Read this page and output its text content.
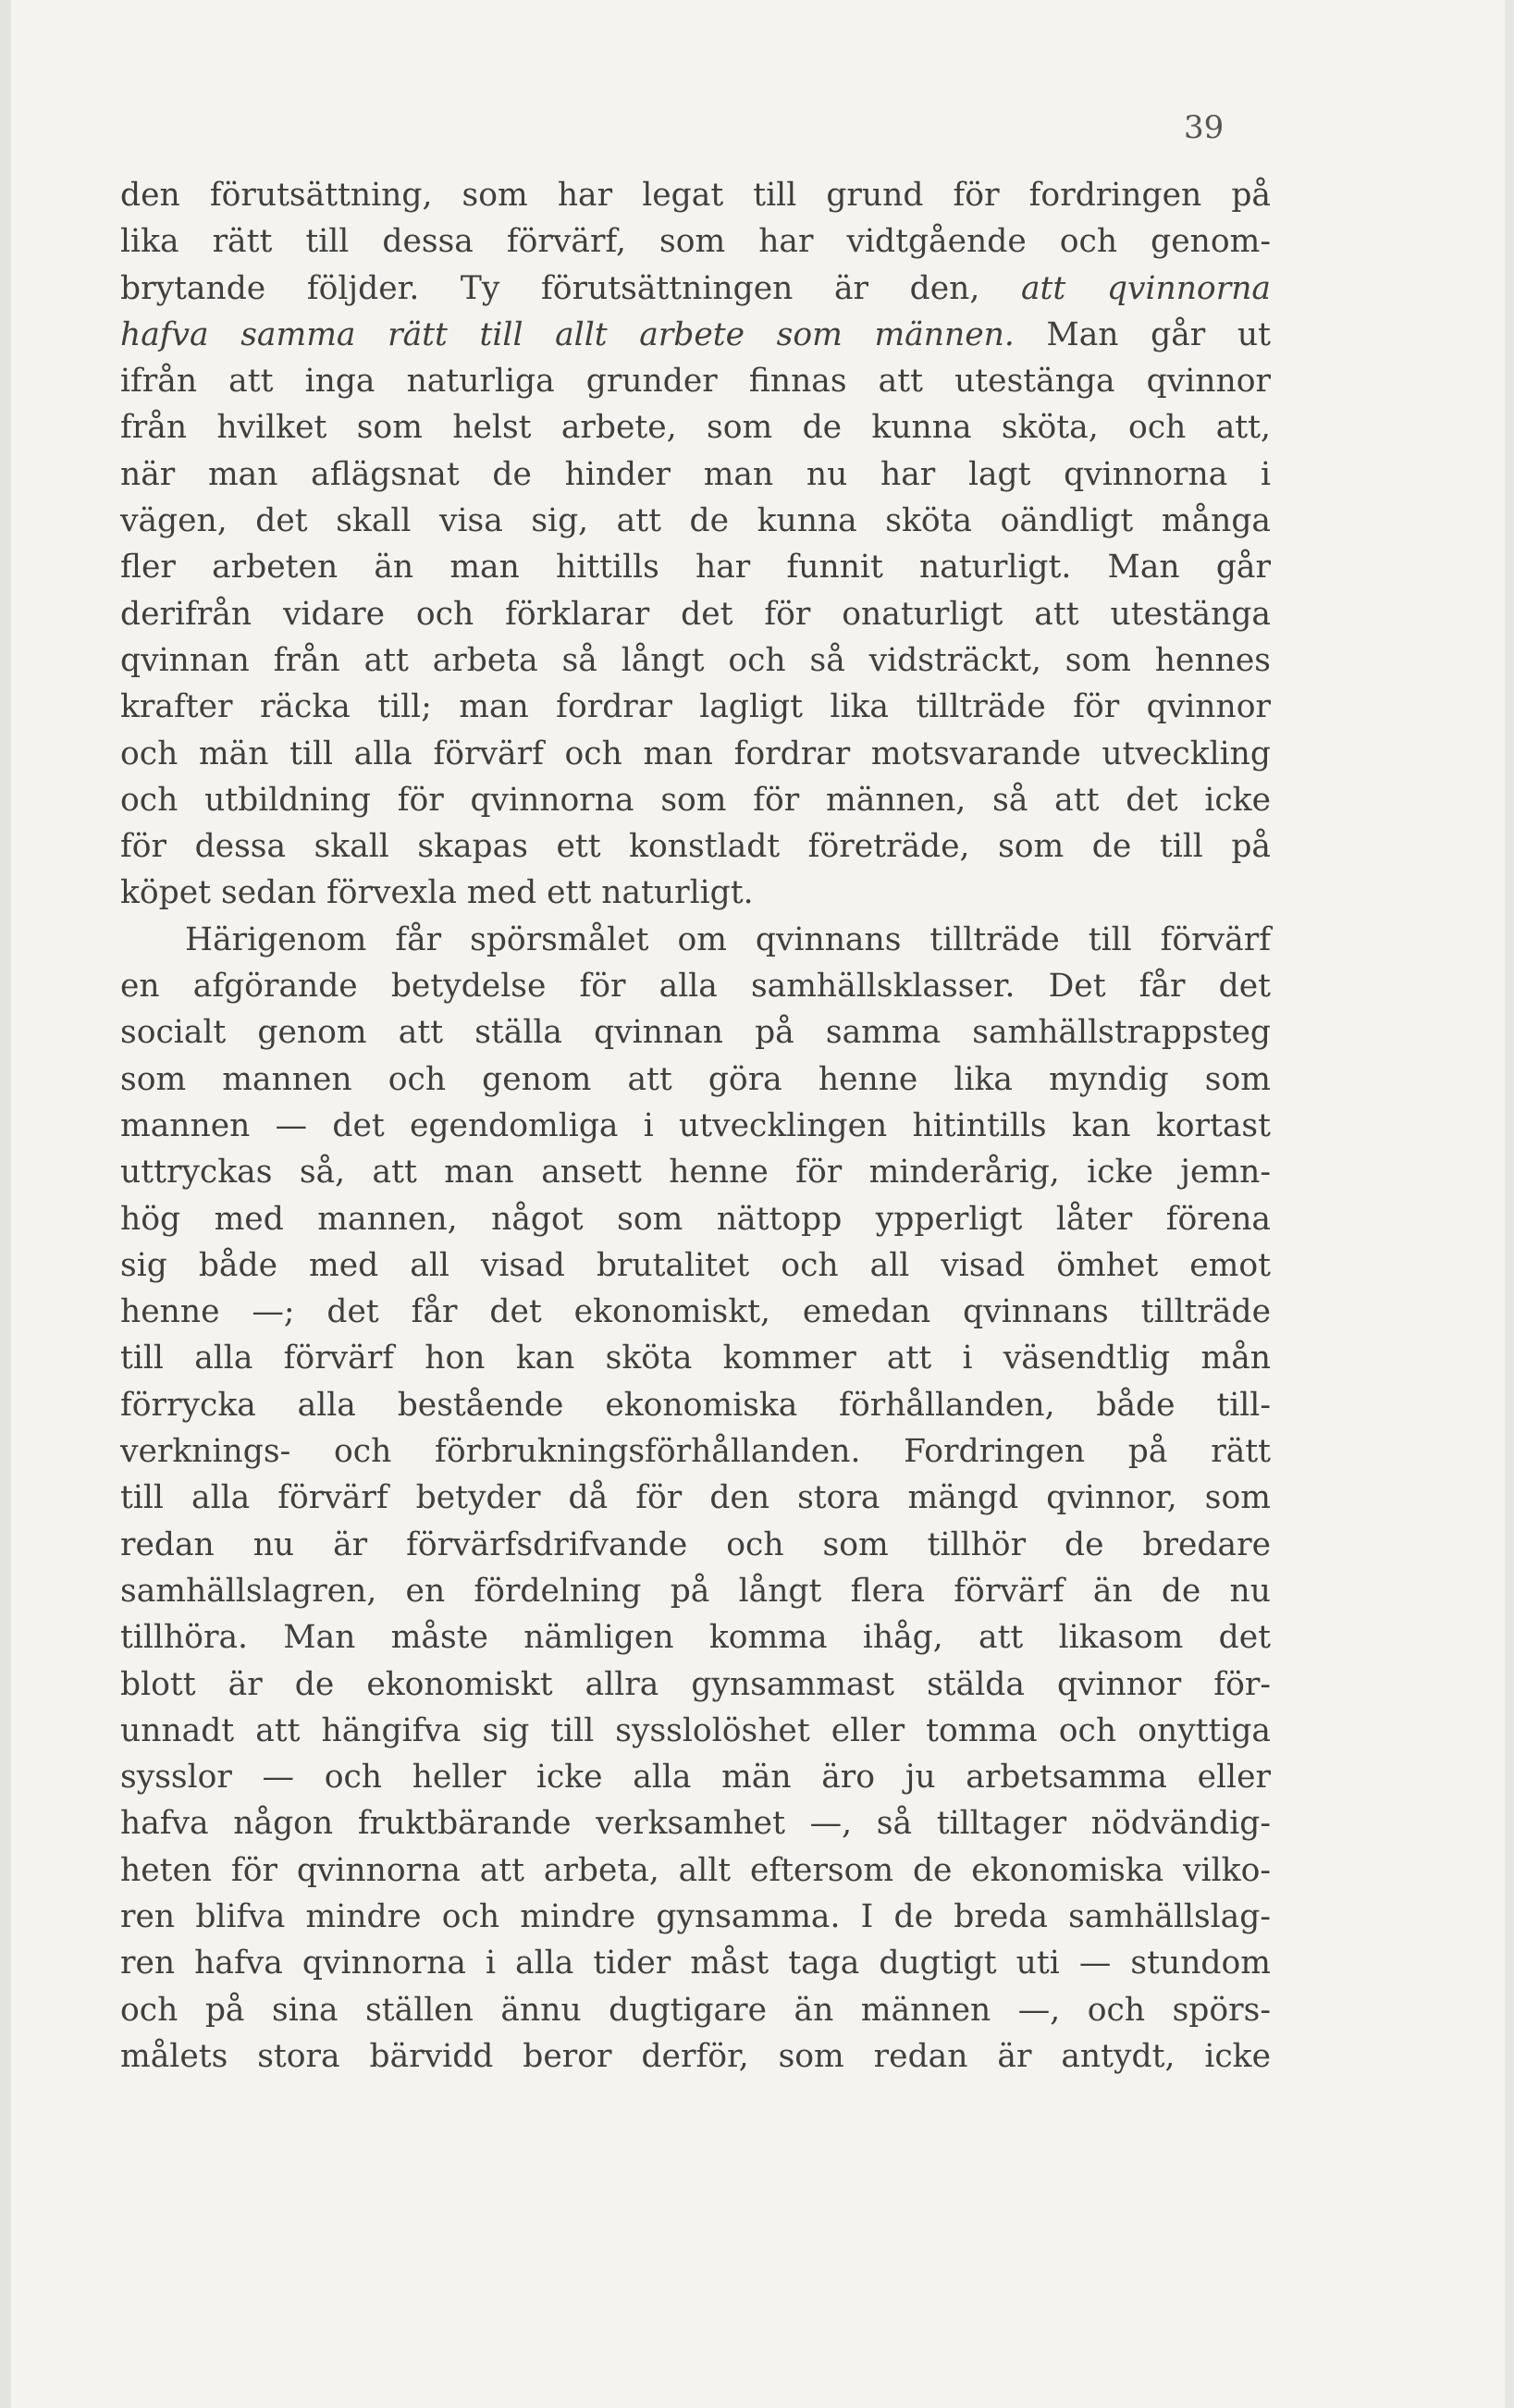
39
den förutsättning, som har legat till grund för fordringen på
lika rätt till dessa förvärf, som har vidtgående och genom-
brytande följder. Ty förutsättningen är den, att qvinnorna
hafva samma rätt till allt arbete som männen. Man går ut
ifrån att inga naturliga grunder finnas att utestänga qvinnor
från hvilket som helst arbete, som de kunna sköta, och att,
när man aflägsnat de hinder man nu har lagt qvinnorna i
vägen, det skall visa sig, att de kunna sköta oändligt många
fler arbeten än man hittills har funnit naturligt. Man går
derifrån vidare och förklarar det för onaturligt att utestänga
qvinnan från att arbeta så långt och så vidsträckt, som hennes
krafter räcka till; man fordrar lagligt lika tillträde för qvinnor
och män till alla förvärf och man fordrar motsvarande utveckling
och utbildning för qvinnorna som för männen, så att det icke
för dessa skall skapas ett konstladt företräde, som de till på
köpet sedan förvexla med ett naturligt.
Härigenom får spörsmålet om qvinnans tillträde till förvärf
en afgörande betydelse för alla samhällsklasser. Det får det
socialt genom att ställa qvinnan på samma samhällstrappsteg
som mannen och genom att göra henne lika myndig som
mannen — det egendomliga i utvecklingen hitintills kan kortast
uttryckas så, att man ansett henne för minderårig, icke jemn-
hög med mannen, något som nättopp ypperligt låter förena
sig både med all visad brutalitet och all visad ömhet emot
henne —; det får det ekonomiskt, emedan qvinnans tillträde
till alla förvärf hon kan sköta kommer att i väsendtlig mån
förrycka alla bestående ekonomiska förhållanden, både till-
verknings- och förbrukningsförhållanden. Fordringen på rätt
till alla förvärf betyder då för den stora mängd qvinnor, som
redan nu är förvärfsdrifvande och som tillhör de bredare
samhällslagren, en fördelning på långt flera förvärf än de nu
tillhöra. Man måste nämligen komma ihåg, att likasom det
blott är de ekonomiskt allra gynsammast stälda qvinnor för-
unnadt att hängifva sig till sysslolöshet eller tomma och onyttiga
sysslor — och heller icke alla män äro ju arbetsamma eller
hafva någon fruktbärande verksamhet —, så tilltager nödvändig-
heten för qvinnorna att arbeta, allt eftersom de ekonomiska vilko-
ren blifva mindre och mindre gynsamma. I de breda samhällslag-
ren hafva qvinnorna i alla tider måst taga dugtigt uti — stundom
och på sina ställen ännu dugtigare än männen —, och spörs-
målets stora bärvidd beror derför, som redan är antydt, icke
